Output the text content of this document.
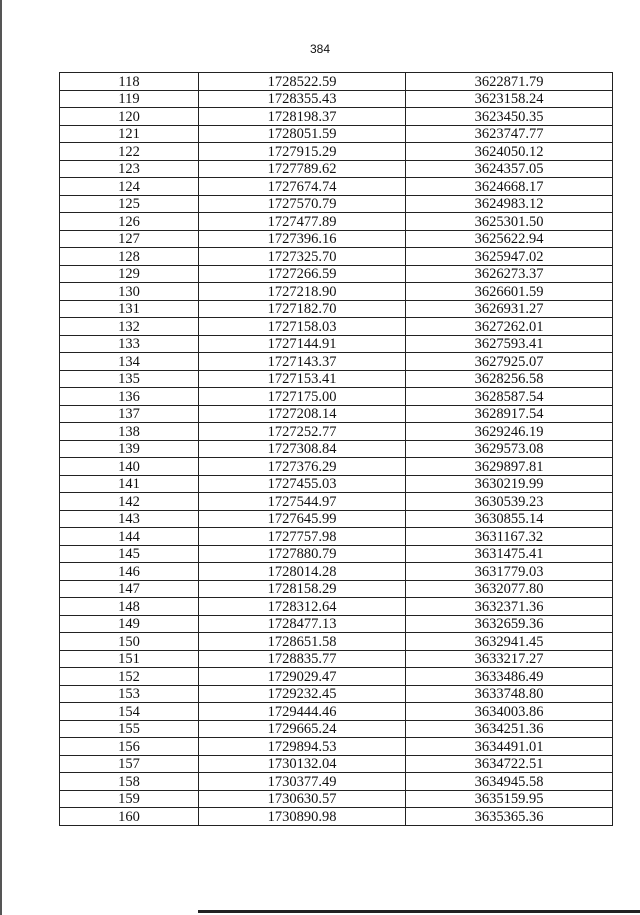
384
118	1728522.59	3622871.79
119	1728355.43	3623158.24
120	1728198.37	3623450.35
121	1728051.59	3623747.77
122	1727915.29	3624050.12
123	1727789.62	3624357.05
124	1727674.74	3624668.17
125	1727570.79	3624983.12
126	1727477.89	3625301.50
127	1727396.16	3625622.94
128	1727325.70	3625947.02
129	1727266.59	3626273.37
130	1727218.90	3626601.59
131	1727182.70	3626931.27
132	1727158.03	3627262.01
133	1727144.91	3627593.41
134	1727143.37	3627925.07
135	1727153.41	3628256.58
136	1727175.00	3628587.54
137	1727208.14	3628917.54
138	1727252.77	3629246.19
139	1727308.84	3629573.08
140	1727376.29	3629897.81
141	1727455.03	3630219.99
142	1727544.97	3630539.23
143	1727645.99	3630855.14
144	1727757.98	3631167.32
145	1727880.79	3631475.41
146	1728014.28	3631779.03
147	1728158.29	3632077.80
148	1728312.64	3632371.36
149	1728477.13	3632659.36
150	1728651.58	3632941.45
151	1728835.77	3633217.27
152	1729029.47	3633486.49
153	1729232.45	3633748.80
154	1729444.46	3634003.86
155	1729665.24	3634251.36
156	1729894.53	3634491.01
157	1730132.04	3634722.51
158	1730377.49	3634945.58
159	1730630.57	3635159.95
160	1730890.98	3635365.36
